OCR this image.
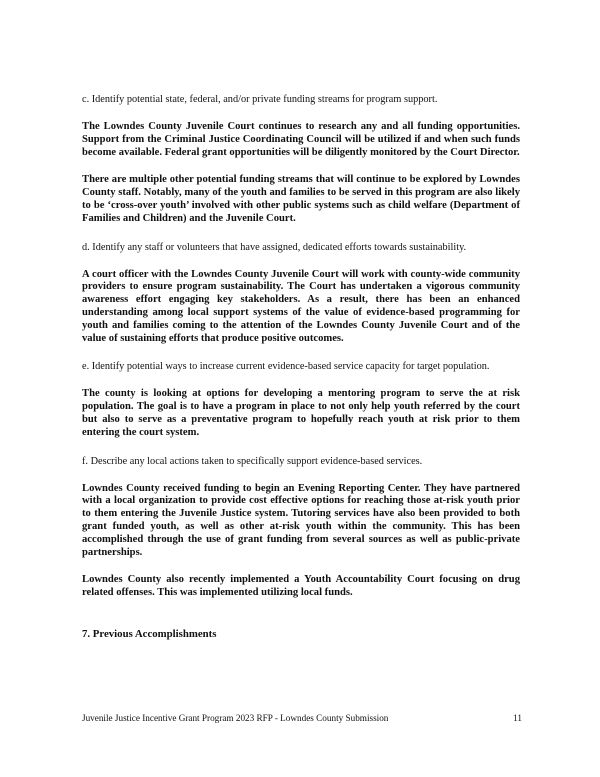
c. Identify potential state, federal, and/or private funding streams for program support.

The Lowndes County Juvenile Court continues to research any and all funding opportunities. Support from the Criminal Justice Coordinating Council will be utilized if and when such funds become available. Federal grant opportunities will be diligently monitored by the Court Director.

There are multiple other potential funding streams that will continue to be explored by Lowndes County staff. Notably, many of the youth and families to be served in this program are also likely to be ‘cross-over youth’ involved with other public systems such as child welfare (Department of Families and Children) and the Juvenile Court.

d. Identify any staff or volunteers that have assigned, dedicated efforts towards sustainability.

A court officer with the Lowndes County Juvenile Court will work with county-wide community providers to ensure program sustainability. The Court has undertaken a vigorous community awareness effort engaging key stakeholders. As a result, there has been an enhanced understanding among local support systems of the value of evidence-based programming for youth and families coming to the attention of the Lowndes County Juvenile Court and of the value of sustaining efforts that produce positive outcomes.

e. Identify potential ways to increase current evidence-based service capacity for target population.

The county is looking at options for developing a mentoring program to serve the at risk population. The goal is to have a program in place to not only help youth referred by the court but also to serve as a preventative program to hopefully reach youth at risk prior to them entering the court system.

f. Describe any local actions taken to specifically support evidence-based services.

Lowndes County received funding to begin an Evening Reporting Center. They have partnered with a local organization to provide cost effective options for reaching those at-risk youth prior to them entering the Juvenile Justice system. Tutoring services have also been provided to both grant funded youth, as well as other at-risk youth within the community. This has been accomplished through the use of grant funding from several sources as well as public-private partnerships.

Lowndes County also recently implemented a Youth Accountability Court focusing on drug related offenses. This was implemented utilizing local funds.

7. Previous Accomplishments
Juvenile Justice Incentive Grant Program 2023 RFP - Lowndes County Submission	11
